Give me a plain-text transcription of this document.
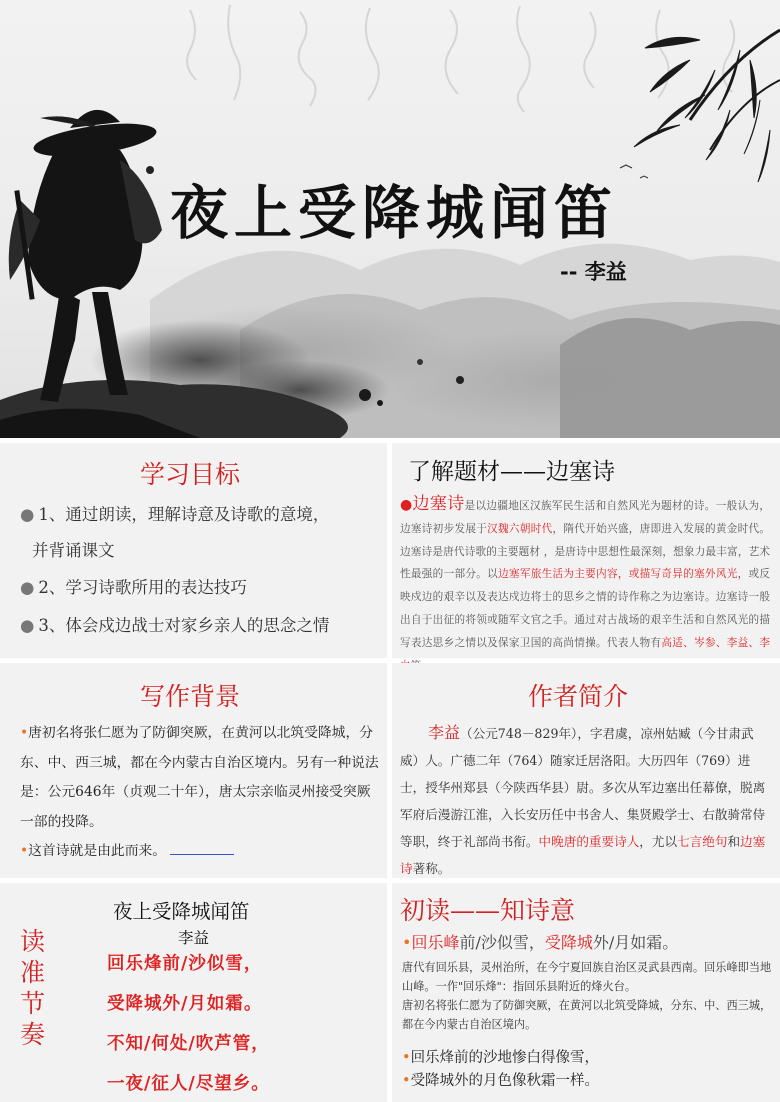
夜上受降城闻笛
-- 李益
学习目标
● 1、通过朗读，理解诗意及诗歌的意境，
并背诵课文
● 2、学习诗歌所用的表达技巧
● 3、体会戍边战士对家乡亲人的思念之情
了解题材——边塞诗
●边塞诗是以边疆地区汉族军民生活和自然风光为题材的诗。一般认为，边塞诗初步发展于汉魏六朝时代，隋代开始兴盛，唐即进入发展的黄金时代。边塞诗是唐代诗歌的主要题材 ，是唐诗中思想性最深刻，想象力最丰富，艺术性最强的一部分。以边塞军旅生活为主要内容，或描写奇异的塞外风光，或反映戍边的艰辛以及表达戍边将士的思乡之情的诗作称之为边塞诗。边塞诗一般出自于出征的将领或随军文官之手。通过对古战场的艰辛生活和自然风光的描写表达思乡之情以及保家卫国的高尚情操。代表人物有高适、岑参、李益、李
写作背景
•唐初名将张仁愿为了防御突厥，在黄河以北筑受降城，分东、中、西三城，都在今内蒙古自治区境内。另有一种说法是：公元646年（贞观二十年），唐太宗亲临灵州接受突厥一部的投降。
•这首诗就是由此而来。
作者简介
李益（公元748－829年），字君虞，凉州姑臧（今甘肃武威）人。广德二年（764）随家迁居洛阳。大历四年（769）进士，授华州郑县（今陕西华县）尉。多次从军边塞出任幕僚，脱离军府后漫游江淮，入长安历任中书舍人、集贤殿学士、右散骑常侍等职，终于礼部尚书衔。中晚唐的重要诗人，尤以七言绝句和边塞诗著称。
读准节奏
夜上受降城闻笛
李益
回乐烽前/沙似雪，
受降城外/月如霜。
不知/何处/吹芦管，
一夜/征人/尽望乡。
初读——知诗意
•回乐峰前/沙似雪，受降城外/月如霜。
唐代有回乐县，灵州治所，在今宁夏回族自治区灵武县西南。回乐峰即当地山峰。一作"回乐烽"：指回乐县附近的烽火台。
唐初名将张仁愿为了防御突厥，在黄河以北筑受降城，分东、中、西三城，都在今内蒙古自治区境内。
•回乐烽前的沙地惨白得像雪，
•受降城外的月色像秋霜一样。
